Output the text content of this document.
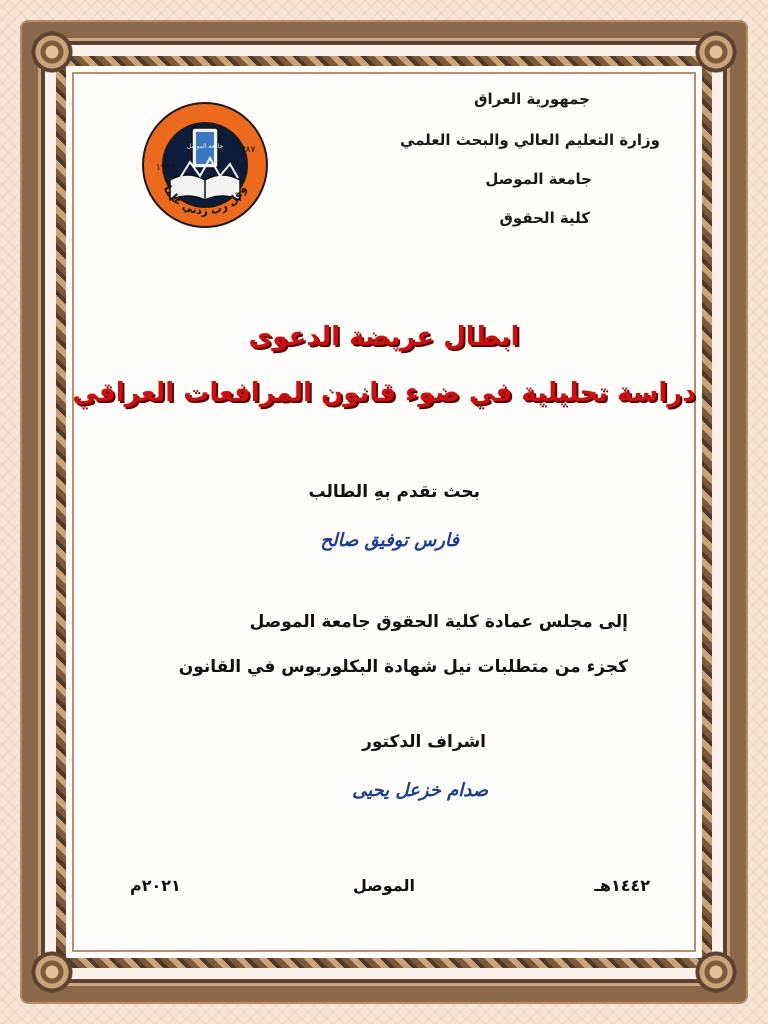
جمهورية العراق
وزارة التعليم العالي والبحث العلمي
جامعة الموصل
كلية الحقوق
وقل رب زدني علما
١٩٦٧
١٣٨٧
جامعة الموصل
ابطال عريضة الدعوى
دراسة تحليلية في ضوء قانون المرافعات العراقي
بحث تقدم بهِ الطالب
فارس توفيق صالح
إلى مجلس عمادة كلية الحقوق جامعة الموصل
كجزء من متطلبات نيل شهادة البكلوريوس في القانون
اشراف الدكتور
صدام خزعل يحيى
١٤٤٢هـ
الموصل
٢٠٢١م
